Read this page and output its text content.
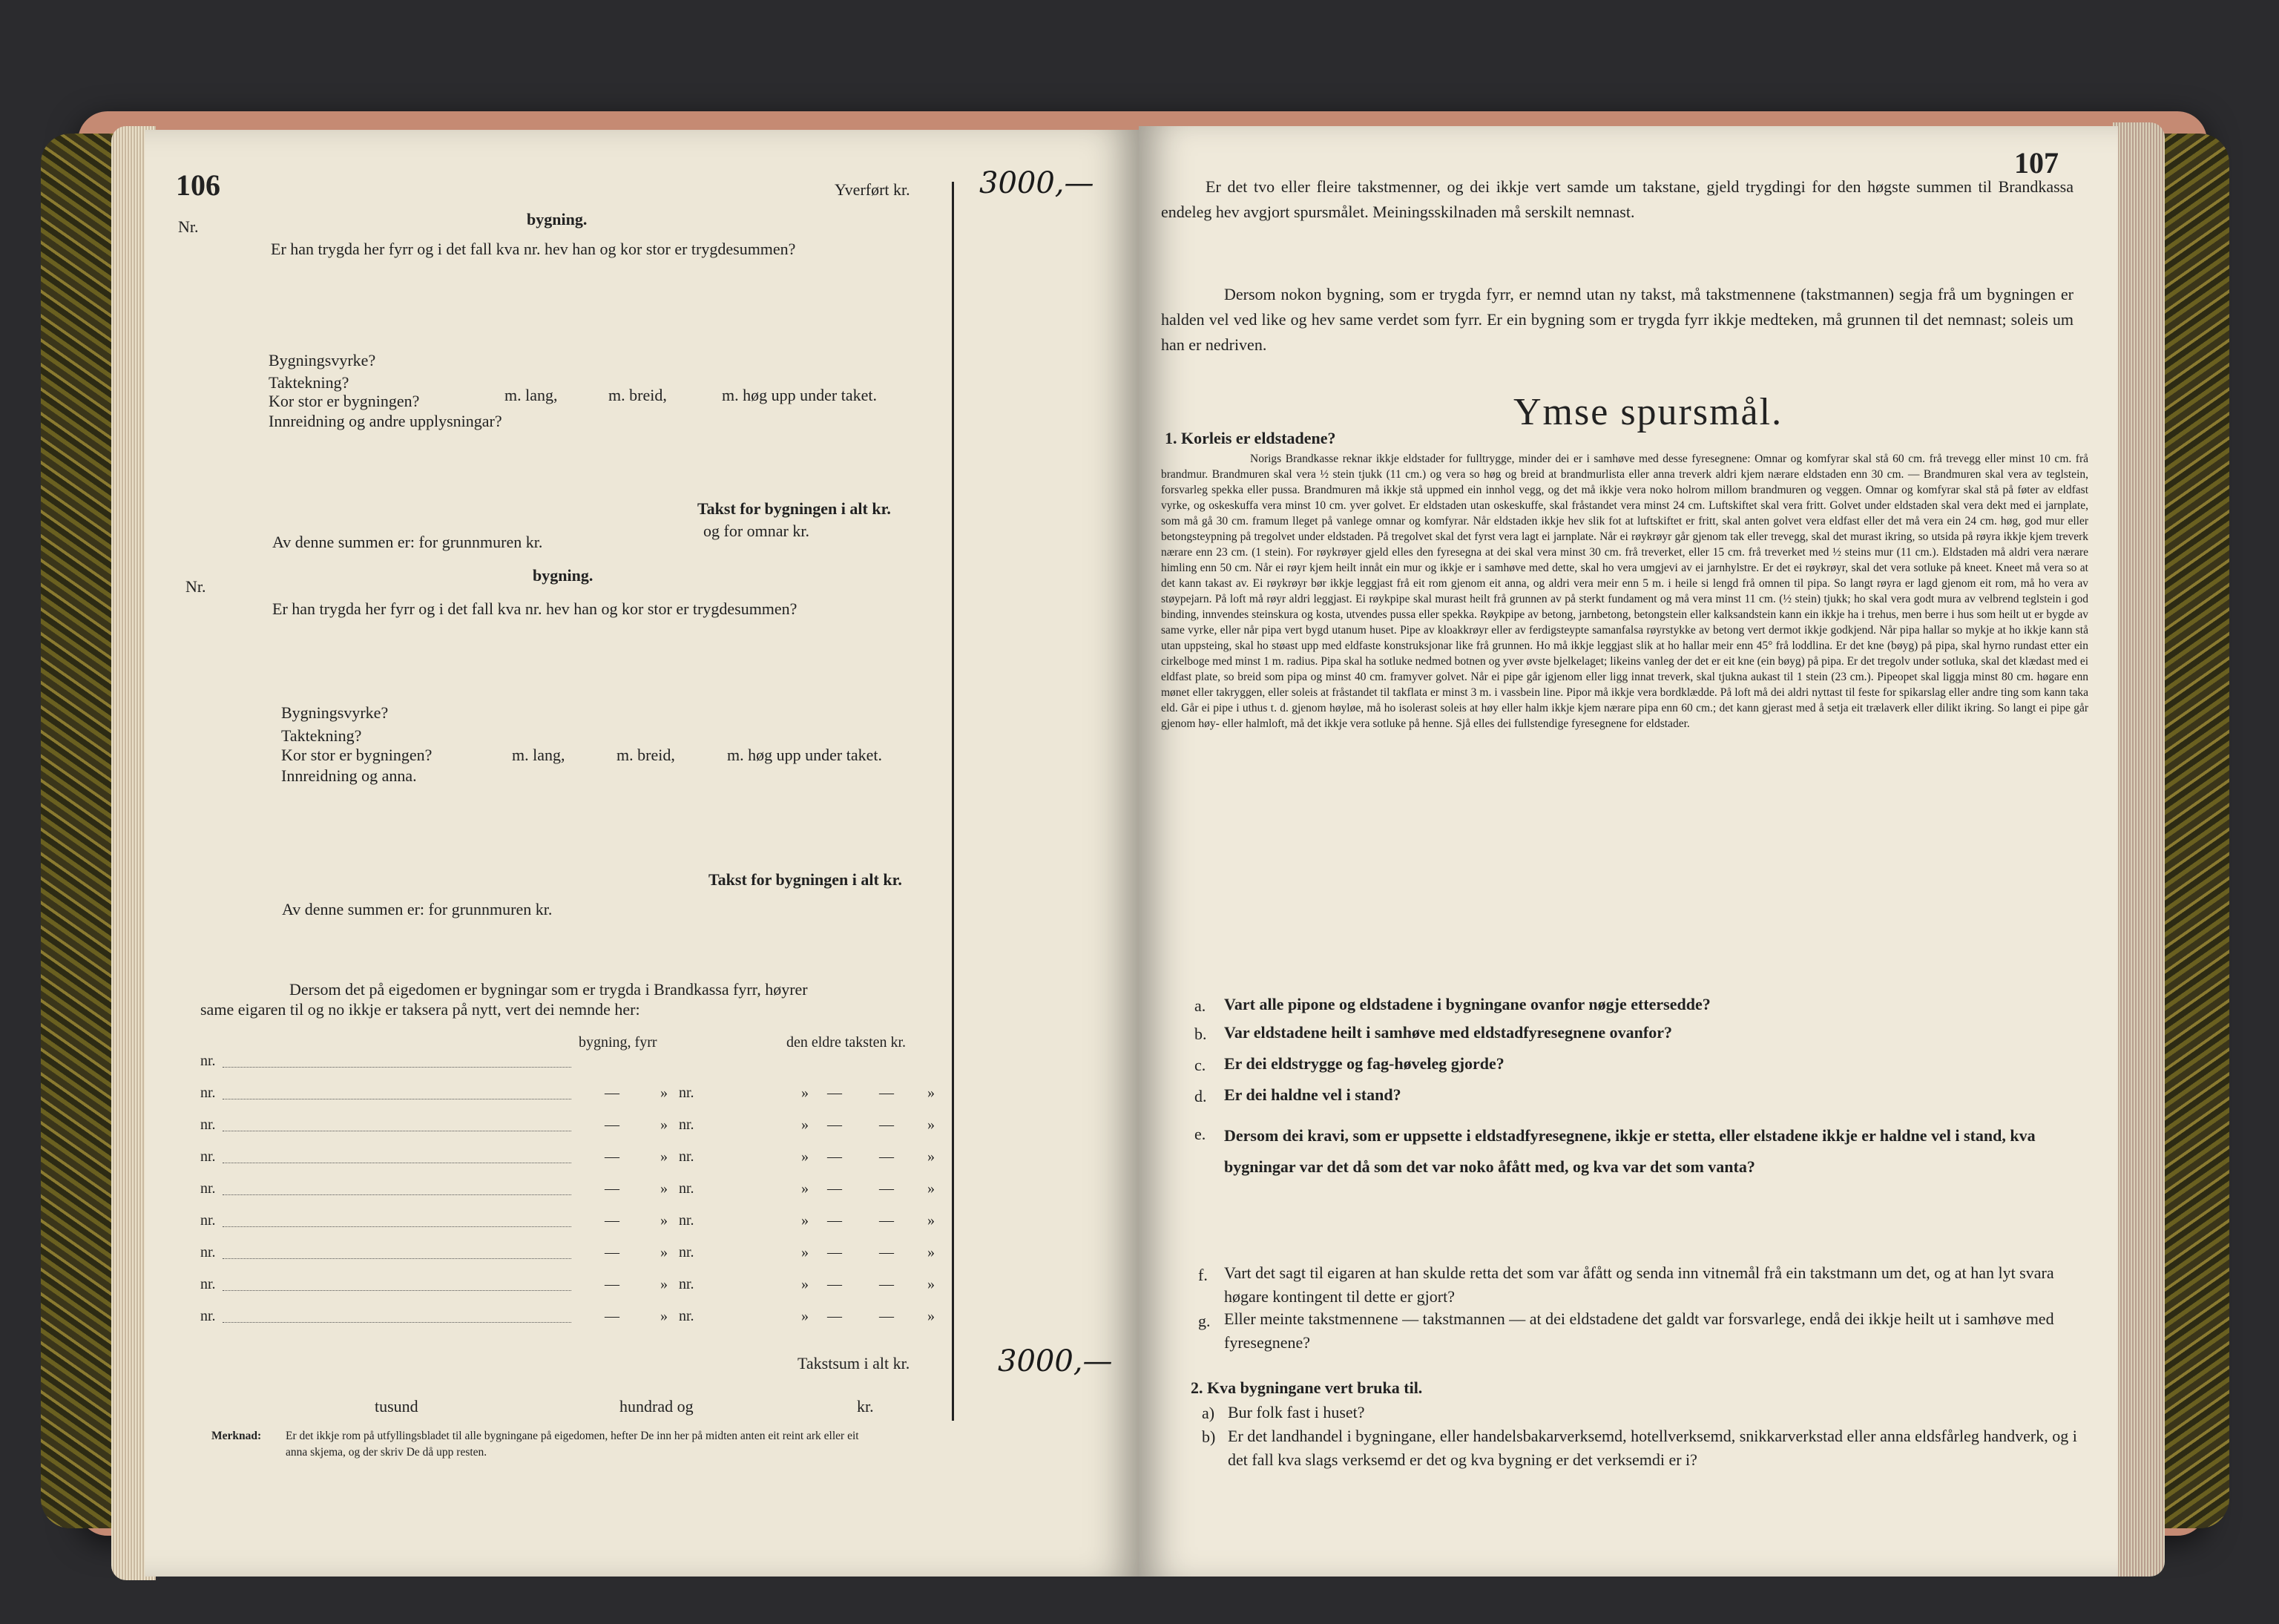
106
Nr.	bygning.
Yverført kr. 3000,—
Er han trygda her fyrr og i det fall kva nr. hev han og kor stor er trygdesummen?
Bygningsvyrke?
Taktekning?
Kor stor er bygningen?	m. lang,	m. breid,	m. høg upp under taket.
Innreidning og andre upplysningar?
Takst for bygningen i alt kr.
Av denne summen er: for grunnmuren kr.
og for omnar kr.
Nr.
bygning.
Er han trygda her fyrr og i det fall kva nr. hev han og kor stor er trygdesummen?
Bygningsvyrke?
Taktekning?
Kor stor er bygningen?	m. lang,	m. breid,	m. høg upp under taket.
Innreidning og anna.
Takst for bygningen i alt kr.
Av denne summen er: for grunnmuren kr.
Dersom det på eigedomen er bygningar som er trygda i Brandkassa fyrr, høyrer
same eigaren til og no ikkje er taksera på nytt, vert dei nemnde her:
bygning, fyrr	den eldre taksten kr.
nr.
nr.	—	» nr.	» —	— »
nr.	—	» nr.	» —	— »
nr.	—	» nr.	» —	— »
nr.	—	» nr.	» —	— »
nr.	—	» nr.	» —	— »
nr.	—	» nr.	» —	— »
nr.	—	» nr.	» —	— »
nr.	—	» nr.	» —	— »
Takstsum i alt kr.	3000,—
tusund	hundrad og	kr.
Merknad: Er det ikkje rom på utfyllingsbladet til alle bygningane på eigedomen, hefter De inn her på midten anten eit reint ark eller eit
anna skjema, og der skriv De då upp resten.
107
Er det tvo eller fleire takstmenner, og dei ikkje vert samde um takstane, gjeld trygdingi for den høgste summen til Brandkassa endeleg hev avgjort spursmålet. Meiningsskilnaden må serskilt nemnast.
Dersom nokon bygning, som er trygda fyrr, er nemnd utan ny takst, må takstmennene (takstmannen) segja frå um bygningen er halden vel ved like og hev same verdet som fyrr. Er ein bygning som er trygda fyrr ikkje medteken, må grunnen til det nemnast; soleis um han er nedriven.
Ymse spursmål.
1. Korleis er eldstadene?
Norigs Brandkasse reknar ikkje eldstader for fulltrygge, minder dei er i samhøve med desse fyresegnene: Omnar og komfyrar skal stå 60 cm. frå trevegg eller minst 10 cm. frå brandmur. Brandmuren skal vera ½ stein tjukk (11 cm.) og vera so høg og breid at brandmurlista eller anna treverk aldri kjem nærare eldstaden enn 30 cm. — Brandmuren skal vera av teglstein, forsvarleg spekka eller pussa. Brandmuren må ikkje stå uppmed ein innhol vegg, og det må ikkje vera noko holrom millom brandmuren og veggen. Omnar og komfyrar skal stå på føter av eldfast vyrke, og oskeskuffa vera minst 10 cm. yver golvet. Er eldstaden utan oskeskuffe, skal fråstandet vera minst 24 cm. Luftskiftet skal vera fritt. Golvet under eldstaden skal vera dekt med ei jarnplate, som må gå 30 cm. framum lleget på vanlege omnar og komfyrar. Når eldstaden ikkje hev slik fot at luftskiftet er fritt, skal anten golvet vera eldfast eller det må vera ein 24 cm. høg, god mur eller betongsteypning på tregolvet under eldstaden. På tregolvet skal det fyrst vera lagt ei jarnplate. Når ei røykrøyr går gjenom tak eller trevegg, skal det murast ikring, so utsida på røyra ikkje kjem treverk nærare enn 23 cm. (1 stein). For røykrøyer gjeld elles den fyresegna at dei skal vera minst 30 cm. frå treverket, eller 15 cm. frå treverket med ½ steins mur (11 cm.). Eldstaden må aldri vera nærare himling enn 50 cm. Når ei røyr kjem heilt innåt ein mur og ikkje er i samhøve med dette, skal ho vera umgjevi av ei jarnhylstre. Er det ei røykrøyr, skal det vera sotluke på kneet. Kneet må vera so at det kann takast av. Ei røykrøyr bør ikkje leggjast frå eit rom gjenom eit anna, og aldri vera meir enn 5 m. i heile si lengd frå omnen til pipa. So langt røyra er lagd gjenom eit rom, må ho vera av støypejarn. På loft må røyr aldri leggjast. Ei røykpipe skal murast heilt frå grunnen av på sterkt fundament og må vera minst 11 cm. (½ stein) tjukk; ho skal vera godt mura av velbrend teglstein i god binding, innvendes steinskura og kosta, utvendes pussa eller spekka. Røykpipe av betong, jarnbetong, betongstein eller kalksandstein kann ein ikkje ha i trehus, men berre i hus som heilt ut er bygde av same vyrke, eller når pipa vert bygd utanum huset. Pipe av kloakkrøyr eller av ferdigsteypte samanfalsa røyrstykke av betong vert dermot ikkje godkjend. Når pipa hallar so mykje at ho ikkje kann stå utan uppsteing, skal ho støast upp med eldfaste konstruksjonar like frå grunnen. Ho må ikkje leggjast slik at ho hallar meir enn 45° frå loddlina. Er det kne (bøyg) på pipa, skal hyrno rundast etter ein cirkelboge med minst 1 m. radius. Pipa skal ha sotluke nedmed botnen og yver øvste bjelkelaget; likeins vanleg der det er eit kne (ein bøyg) på pipa. Er det tregolv under sotluka, skal det klædast med ei eldfast plate, so breid som pipa og minst 40 cm. framyver golvet. Når ei pipe går igjenom eller ligg innat treverk, skal tjukna aukast til 1 stein (23 cm.). Pipeopet skal liggja minst 80 cm. høgare enn mønet eller takryggen, eller soleis at fråstandet til takflata er minst 3 m. i vassbein line. Pipor må ikkje vera bordklædde. På loft må dei aldri nyttast til feste for spikarslag eller andre ting som kann taka eld. Går ei pipe i uthus t. d. gjenom høyløe, må ho isolerast soleis at høy eller halm ikkje kjem nærare pipa enn 60 cm.; det kann gjerast med å setja eit trælaverk eller dilikt ikring. So langt ei pipe går gjenom høy- eller halmloft, må det ikkje vera sotluke på henne. Sjå elles dei fullstendige fyresegnene for eldstader.
a. Vart alle pipone og eldstadene i bygningane ovanfor nøgje ettersedde?
b. Var eldstadene heilt i samhøve med eldstadfyresegnene ovanfor?
c. Er dei eldstrygge og fag-høveleg gjorde?
d. Er dei haldne vel i stand?
e. Dersom dei kravi, som er uppsette i eldstadfyresegnene, ikkje er stetta, eller elstadene ikkje er haldne vel i stand, kva bygningar var det då som det var noko åfått med, og kva var det som vanta?
f. Vart det sagt til eigaren at han skulde retta det som var åfått og senda inn vitnemål frå ein takstmann um det, og at han lyt svara høgare kontingent til dette er gjort?
g. Eller meinte takstmennene — takstmannen — at dei eldstadene det galdt var forsvarlege, endå dei ikkje heilt ut i samhøve med fyresegnene?
2. Kva bygningane vert bruka til.
a) Bur folk fast i huset?
b) Er det landhandel i bygningane, eller handelsbakarverksemd, hotellverksemd, snikkarverkstad eller anna eldsfårleg handverk, og i det fall kva slags verksemd er det og kva bygning er det verksemdi er i?
